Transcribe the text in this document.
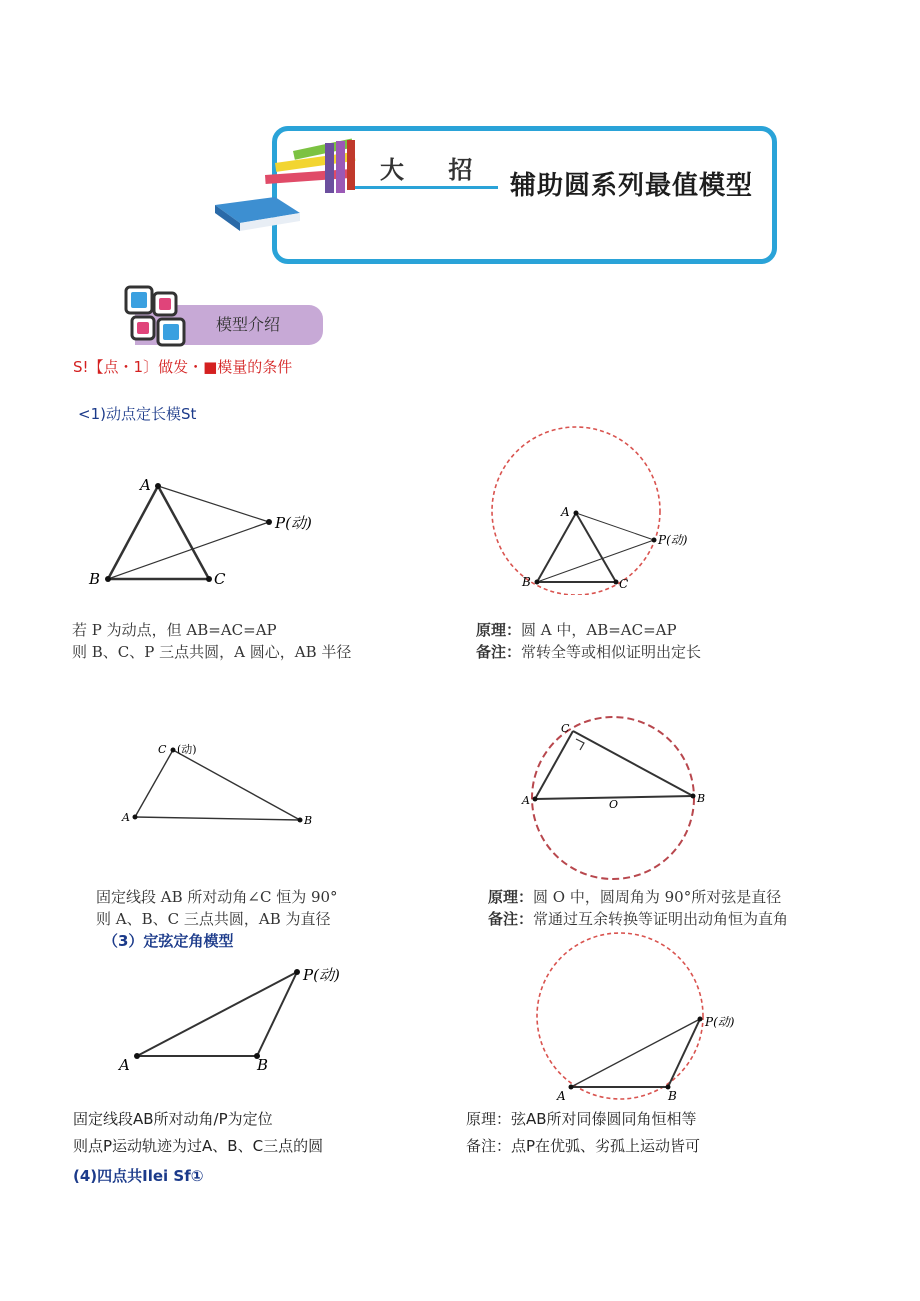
大 招
辅助圆系列最值模型
模型介绍
S!【点・1〕做发・■模量的条件
<1)动点定长模St
A
B	C
P(动)
A
B	C
P(动)
若 P 为动点，但 AB=AC=AP
则 B、C、P 三点共圆，A 圆心，AB 半径
原理：圆 A 中，AB=AC=AP
备注：常转全等或相似证明出定长
C (动)
A	B
C
A	B
O
固定线段 AB 所对动角∠C 恒为 90°
则 A、B、C 三点共圆，AB 为直径
原理：圆 O 中，圆周角为 90°所对弦是直径
备注：常通过互余转换等证明出动角恒为直角
（3）定弦定角模型
P(动)
A	B
P(动)
A	B
固定线段AB所对动角/P为定位
则点P运动轨迹为过A、B、C三点的圆
原理：弦AB所对同傣圆同角恒相等
备注：点P在优弧、劣孤上运动皆可
(4)四点共Ilei Sf①
